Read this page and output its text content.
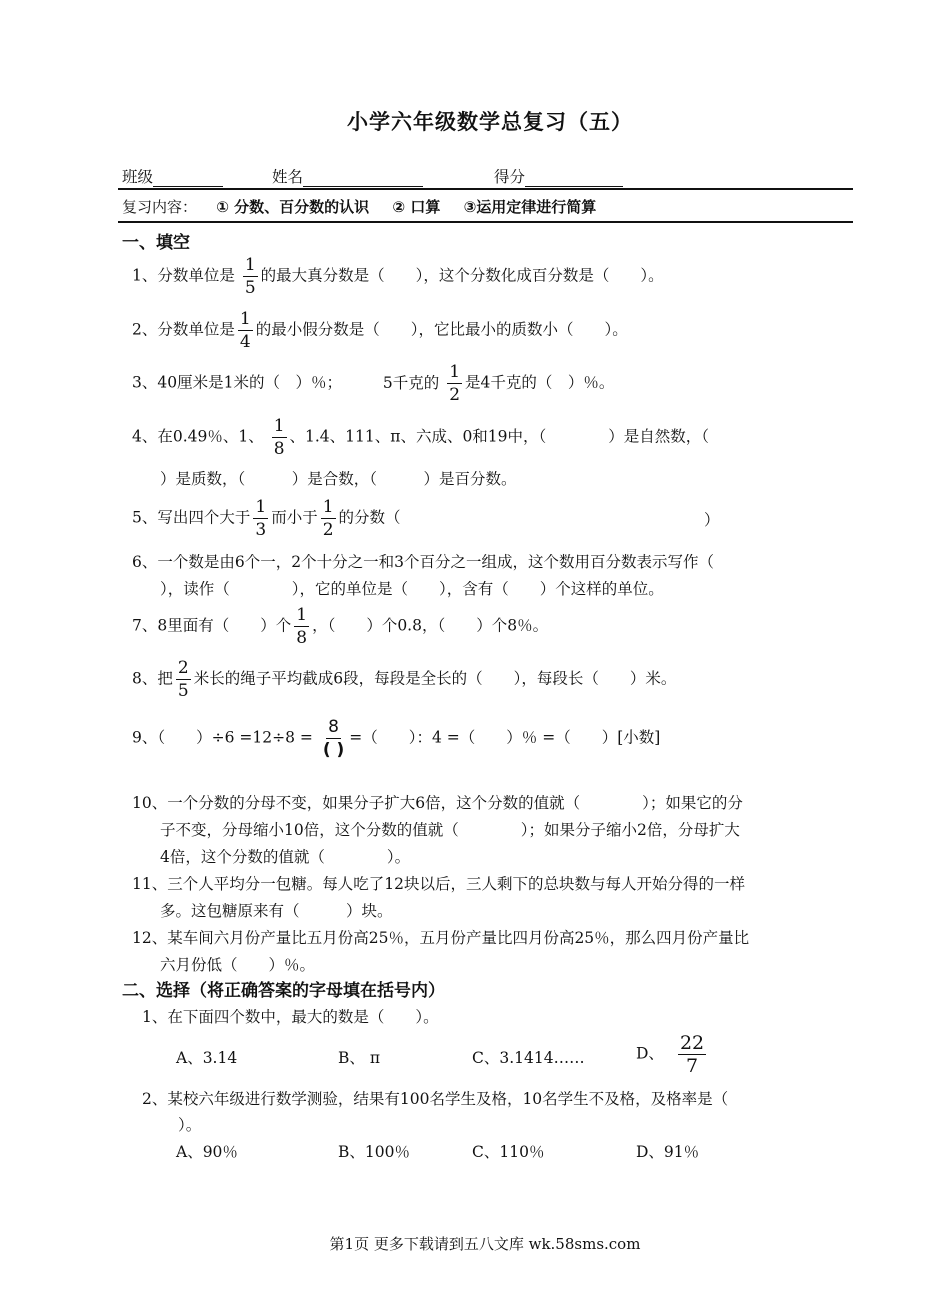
小学六年级数学总复习（五）
班级	姓名	得分
复习内容： ① 分数、百分数的认识 ② 口算 ③运用定律进行简算
一、填空
1、分数单位是 $\frac{1}{5}$ 的最大真分数是（　　），这个分数化成百分数是（　　）。
2、分数单位是 $\frac{1}{4}$ 的最小假分数是（　　），它比最小的质数小（　　）。
3、40厘米是1米的（　）％；	5千克的 $\frac{1}{2}$ 是4千克的（　）％。
4、在0.49％、1、 $\frac{1}{8}$ 、1.4、111、π、六成、0和19中，（　　　　）是自然数，（
）是质数，（　　　）是合数，（　　　）是百分数。
5、写出四个大于 $\frac{1}{3}$ 而小于 $\frac{1}{2}$ 的分数（	）
6、一个数是由6个一，2个十分之一和3个百分之一组成，这个数用百分数表示写作（
），读作（　　　　），它的单位是（　　），含有（　　）个这样的单位。
7、8里面有（　　）个 $\frac{1}{8}$ ，（　　）个0.8，（　　）个8％。
8、把 $\frac{2}{5}$ 米长的绳子平均截成6段，每段是全长的（　　），每段长（　　）米。
9、（　　）$\div 6 =12\div 8 = \frac{8}{( )}$ =（　　）：4 =（　　）％ =（　　）[小数]
10、一个分数的分母不变，如果分子扩大6倍，这个分数的值就（　　　　）；如果它的分
子不变，分母缩小10倍，这个分数的值就（　　　　）；如果分子缩小2倍，分母扩大
4倍，这个分数的值就（　　　　）。
11、三个人平均分一包糖。每人吃了12块以后，三人剩下的总块数与每人开始分得的一样
多。这包糖原来有（　　　）块。
12、某车间六月份产量比五月份高25％，五月份产量比四月份高25％，那么四月份产量比
六月份低（　　）％。
二、选择（将正确答案的字母填在括号内）
1、在下面四个数中，最大的数是（　　）。
A、3.14	B、 π	C、3.1414……	D、 $\frac{22}{7}$
2、某校六年级进行数学测验，结果有100名学生及格，10名学生不及格，及格率是（
）。
A、90％	B、100％	C、110％	D、91％
第1页 更多下载请到五八文库 wk.58sms.com
